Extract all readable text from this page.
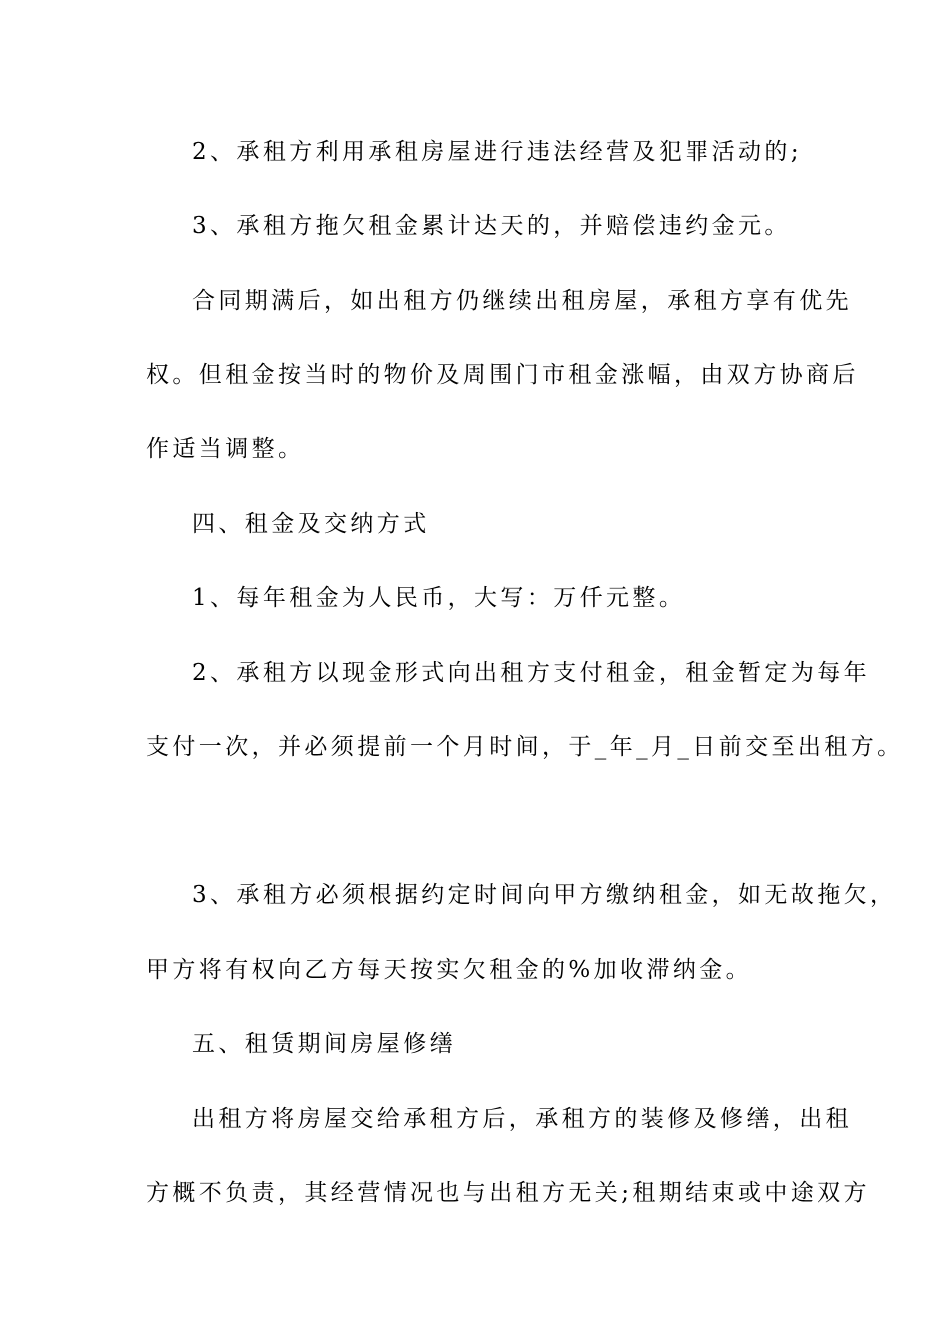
2、承租方利用承租房屋进行违法经营及犯罪活动的;
3、承租方拖欠租金累计达天的，并赔偿违约金元。
合同期满后，如出租方仍继续出租房屋，承租方享有优先
权。但租金按当时的物价及周围门市租金涨幅，由双方协商后
作适当调整。
四、租金及交纳方式
1、每年租金为人民币，大写：万仟元整。
2、承租方以现金形式向出租方支付租金，租金暂定为每年
支付一次，并必须提前一个月时间，于_年_月_日前交至出租方。
3、承租方必须根据约定时间向甲方缴纳租金，如无故拖欠，
甲方将有权向乙方每天按实欠租金的%加收滞纳金。
五、租赁期间房屋修缮
出租方将房屋交给承租方后，承租方的装修及修缮，出租
方概不负责，其经营情况也与出租方无关;租期结束或中途双方
